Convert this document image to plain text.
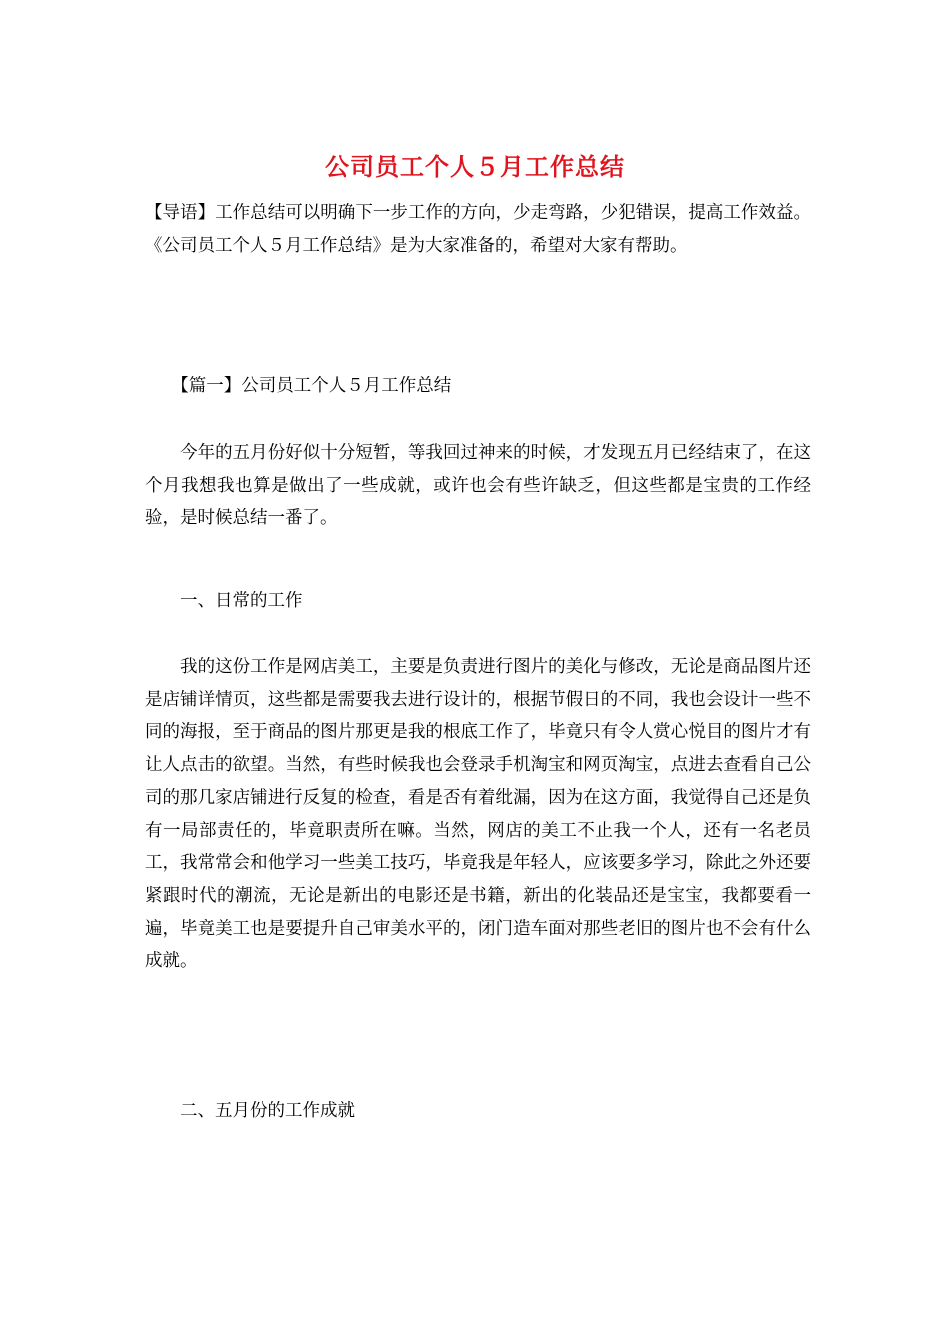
公司员工个人５月工作总结
【导语】工作总结可以明确下一步工作的方向，少走弯路，少犯错误，提高工作效益。《公司员工个人５月工作总结》是为大家准备的，希望对大家有帮助。
　　【篇一】公司员工个人５月工作总结
　　今年的五月份好似十分短暂，等我回过神来的时候，才发现五月已经结束了，在这个月我想我也算是做出了一些成就，或许也会有些许缺乏，但这些都是宝贵的工作经验，是时候总结一番了。
　　一、日常的工作
　　我的这份工作是网店美工，主要是负责进行图片的美化与修改，无论是商品图片还是店铺详情页，这些都是需要我去进行设计的，根据节假日的不同，我也会设计一些不同的海报，至于商品的图片那更是我的根底工作了，毕竟只有令人赏心悦目的图片才有让人点击的欲望。当然，有些时候我也会登录手机淘宝和网页淘宝，点进去查看自己公司的那几家店铺进行反复的检查，看是否有着纰漏，因为在这方面，我觉得自己还是负有一局部责任的，毕竟职责所在嘛。当然，网店的美工不止我一个人，还有一名老员工，我常常会和他学习一些美工技巧，毕竟我是年轻人，应该要多学习，除此之外还要紧跟时代的潮流，无论是新出的电影还是书籍，新出的化装品还是宝宝，我都要看一遍，毕竟美工也是要提升自己审美水平的，闭门造车面对那些老旧的图片也不会有什么成就。
　　二、五月份的工作成就
